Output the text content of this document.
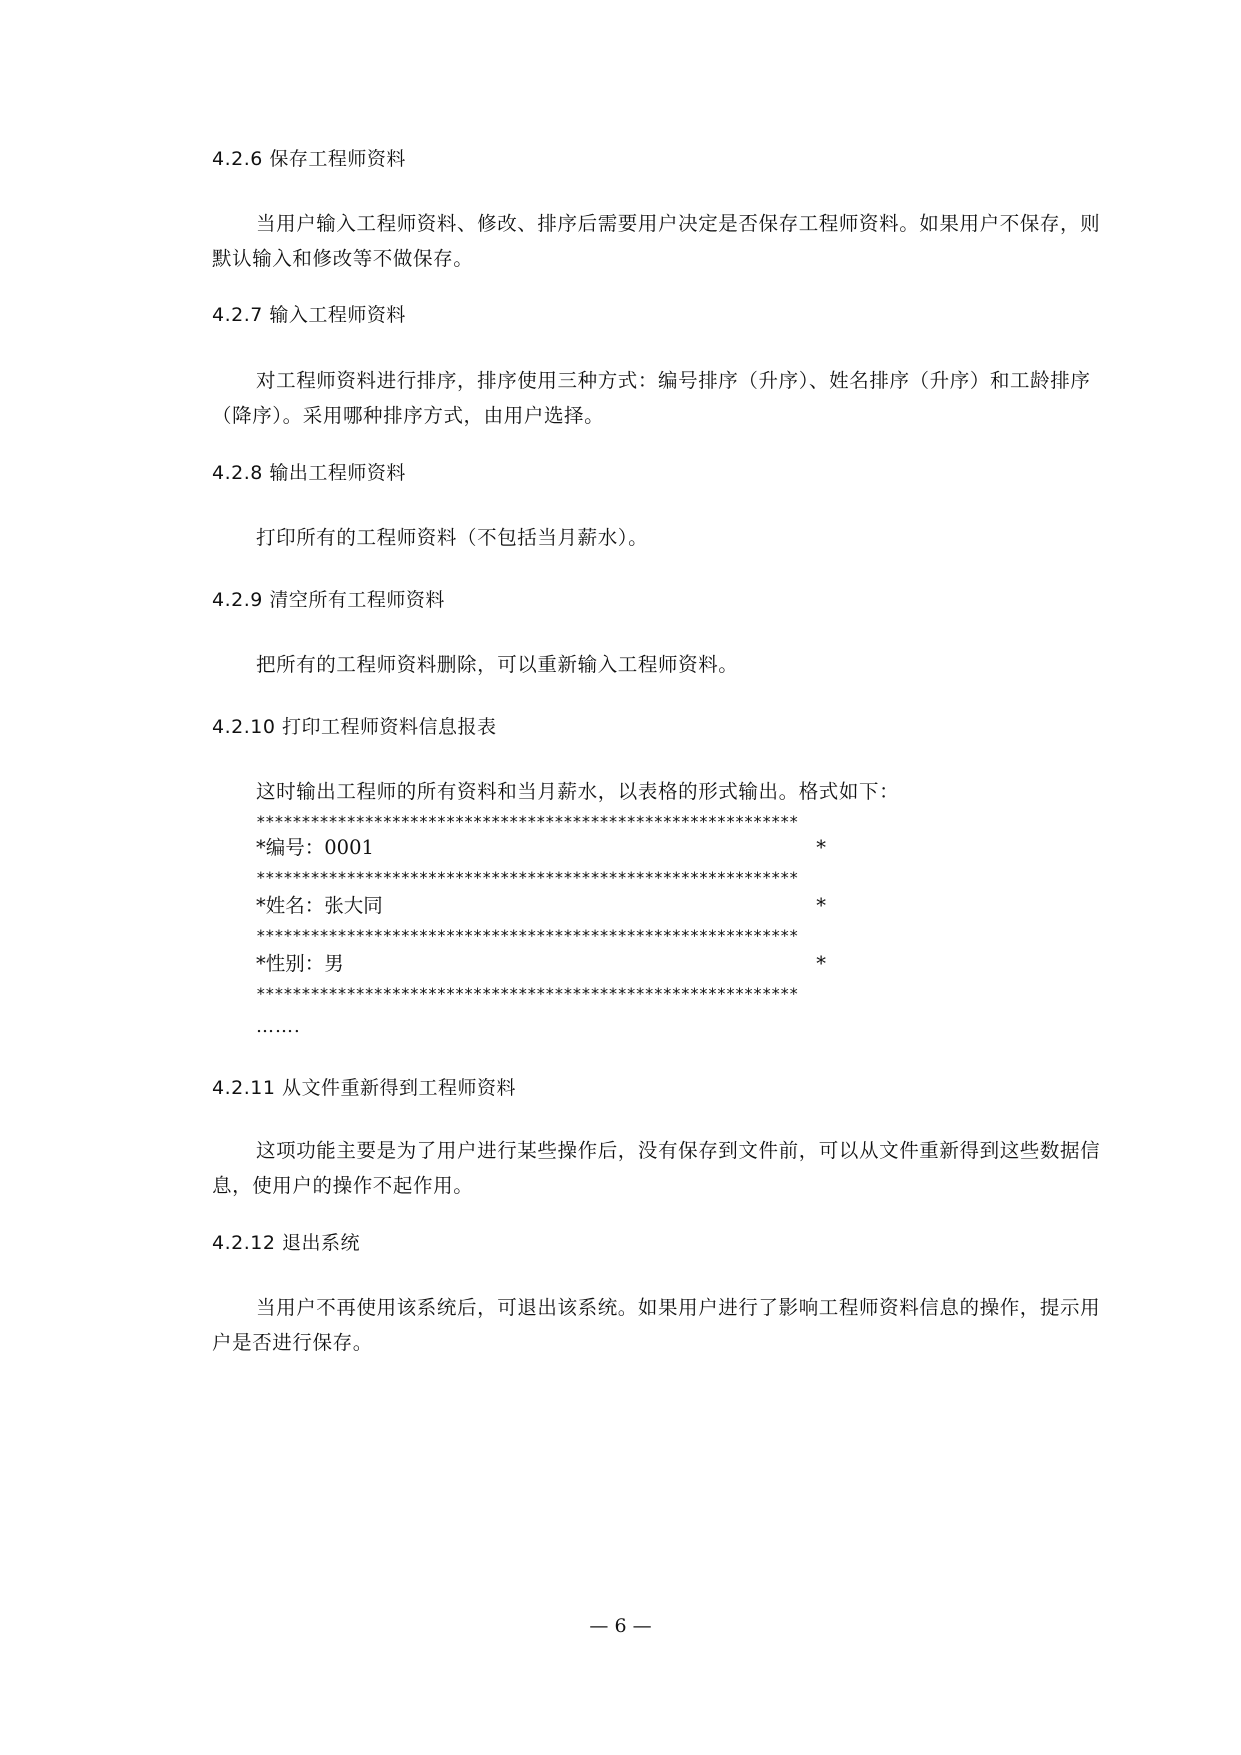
4.2.6 保存工程师资料
当用户输入工程师资料、修改、排序后需要用户决定是否保存工程师资料。如果用户不保存，则默认输入和修改等不做保存。
4.2.7 输入工程师资料
对工程师资料进行排序，排序使用三种方式：编号排序（升序）、姓名排序（升序）和工龄排序（降序）。采用哪种排序方式，由用户选择。
4.2.8 输出工程师资料
打印所有的工程师资料（不包括当月薪水）。
4.2.9 清空所有工程师资料
把所有的工程师资料删除，可以重新输入工程师资料。
4.2.10 打印工程师资料信息报表
这时输出工程师的所有资料和当月薪水，以表格的形式输出。格式如下：
************************************************************
*编号：0001	*
************************************************************
*姓名：张大同	*
************************************************************
*性别：男	*
************************************************************
…….
4.2.11 从文件重新得到工程师资料
这项功能主要是为了用户进行某些操作后，没有保存到文件前，可以从文件重新得到这些数据信息，使用户的操作不起作用。
4.2.12 退出系统
当用户不再使用该系统后，可退出该系统。如果用户进行了影响工程师资料信息的操作，提示用户是否进行保存。
— 6 —
